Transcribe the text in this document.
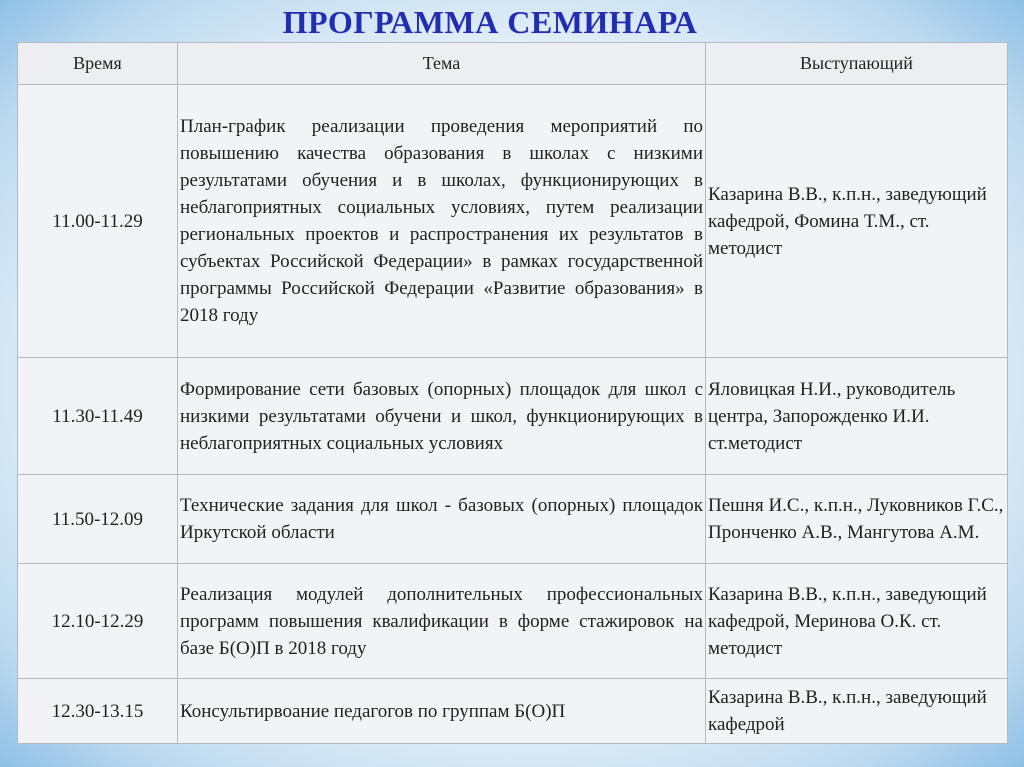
ПРОГРАММА СЕМИНАРА
Время	Тема	Выступающий
11.00-11.29	План-график реализации проведения мероприятий по повышению качества образования в школах с низкими результатами обучения и в школах, функционирующих в неблагоприятных социальных условиях, путем реализации региональных проектов и распространения их результатов в субъектах Российской Федерации» в рамках государственной программы Российской Федерации «Развитие образования» в 2018 году	Казарина В.В., к.п.н., заведующий кафедрой, Фомина Т.М., ст. методист
11.30-11.49	Формирование сети базовых (опорных) площадок для школ с низкими результатами обучени и школ, функционирующих в неблагоприятных социальных условиях	Яловицкая Н.И., руководитель центра, Запорожденко И.И. ст.методист
11.50-12.09	Технические задания для школ - базовых (опорных) площадок Иркутской области	Пешня И.С., к.п.н., Луковников Г.С., Пронченко А.В., Мангутова А.М.
12.10-12.29	Реализация модулей дополнительных профессиональных программ повышения квалификации в форме стажировок на базе Б(О)П в 2018 году	Казарина В.В., к.п.н., заведующий кафедрой, Меринова О.К. ст. методист
12.30-13.15	Консультирвоание педагогов по группам Б(О)П	Казарина В.В., к.п.н., заведующий кафедрой
